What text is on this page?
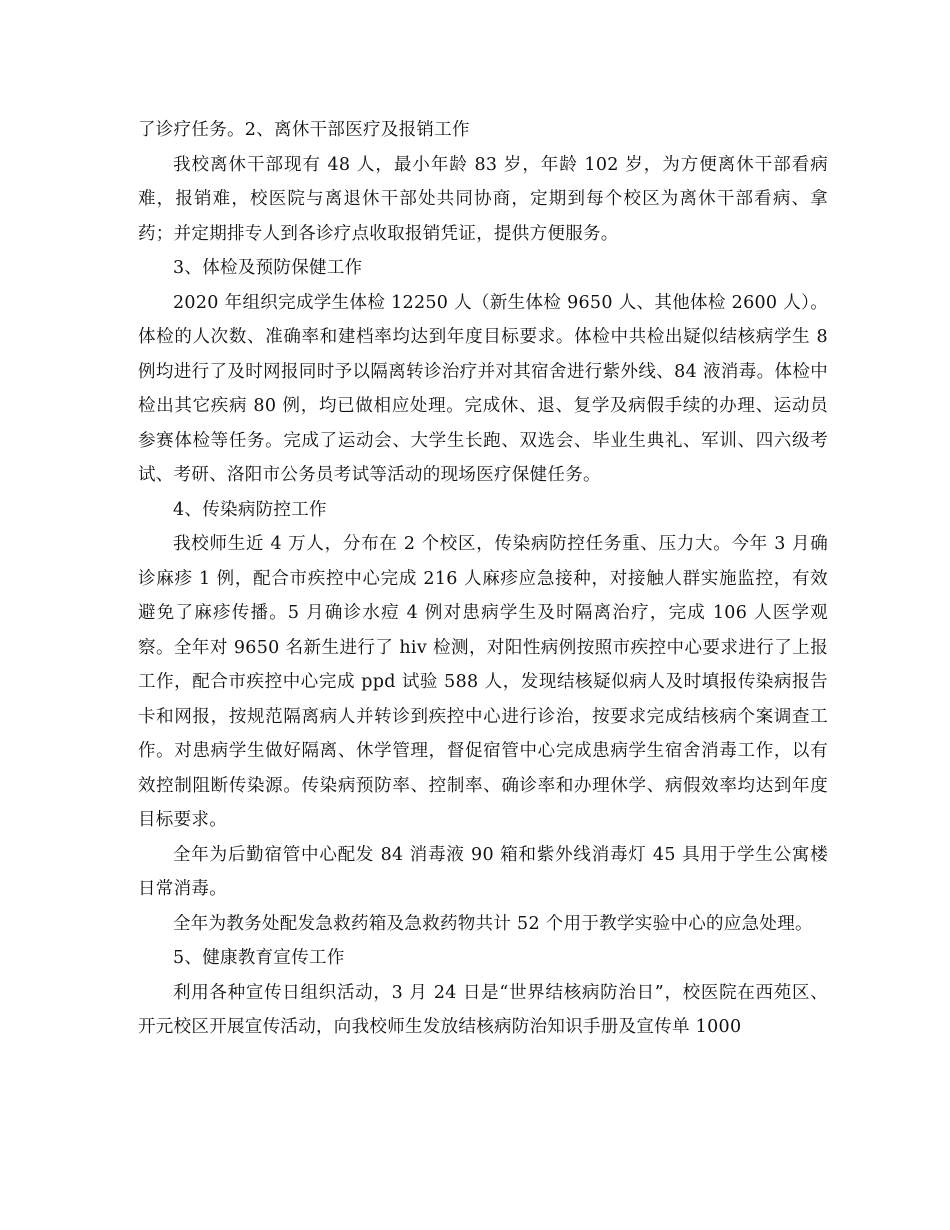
了诊疗任务。2、离休干部医疗及报销工作

我校离休干部现有 48 人，最小年龄 83 岁，年龄 102 岁，为方便离休干部看病难，报销难，校医院与离退休干部处共同协商，定期到每个校区为离休干部看病、拿药；并定期排专人到各诊疗点收取报销凭证，提供方便服务。

3、体检及预防保健工作

2020 年组织完成学生体检 12250 人（新生体检 9650 人、其他体检 2600 人）。体检的人次数、准确率和建档率均达到年度目标要求。体检中共检出疑似结核病学生 8 例均进行了及时网报同时予以隔离转诊治疗并对其宿舍进行紫外线、84 液消毒。体检中检出其它疾病 80 例，均已做相应处理。完成休、退、复学及病假手续的办理、运动员参赛体检等任务。完成了运动会、大学生长跑、双选会、毕业生典礼、军训、四六级考试、考研、洛阳市公务员考试等活动的现场医疗保健任务。

4、传染病防控工作

我校师生近 4 万人，分布在 2 个校区，传染病防控任务重、压力大。今年 3 月确诊麻疹 1 例，配合市疾控中心完成 216 人麻疹应急接种，对接触人群实施监控，有效避免了麻疹传播。5 月确诊水痘 4 例对患病学生及时隔离治疗，完成 106 人医学观察。全年对 9650 名新生进行了 hiv 检测，对阳性病例按照市疾控中心要求进行了上报工作，配合市疾控中心完成 ppd 试验 588 人，发现结核疑似病人及时填报传染病报告卡和网报，按规范隔离病人并转诊到疾控中心进行诊治，按要求完成结核病个案调查工作。对患病学生做好隔离、休学管理，督促宿管中心完成患病学生宿舍消毒工作，以有效控制阻断传染源。传染病预防率、控制率、确诊率和办理休学、病假效率均达到年度目标要求。

全年为后勤宿管中心配发 84 消毒液 90 箱和紫外线消毒灯 45 具用于学生公寓楼日常消毒。

全年为教务处配发急救药箱及急救药物共计 52 个用于教学实验中心的应急处理。

5、健康教育宣传工作

利用各种宣传日组织活动，3 月 24 日是“世界结核病防治日”，校医院在西苑区、开元校区开展宣传活动，向我校师生发放结核病防治知识手册及宣传单 1000
